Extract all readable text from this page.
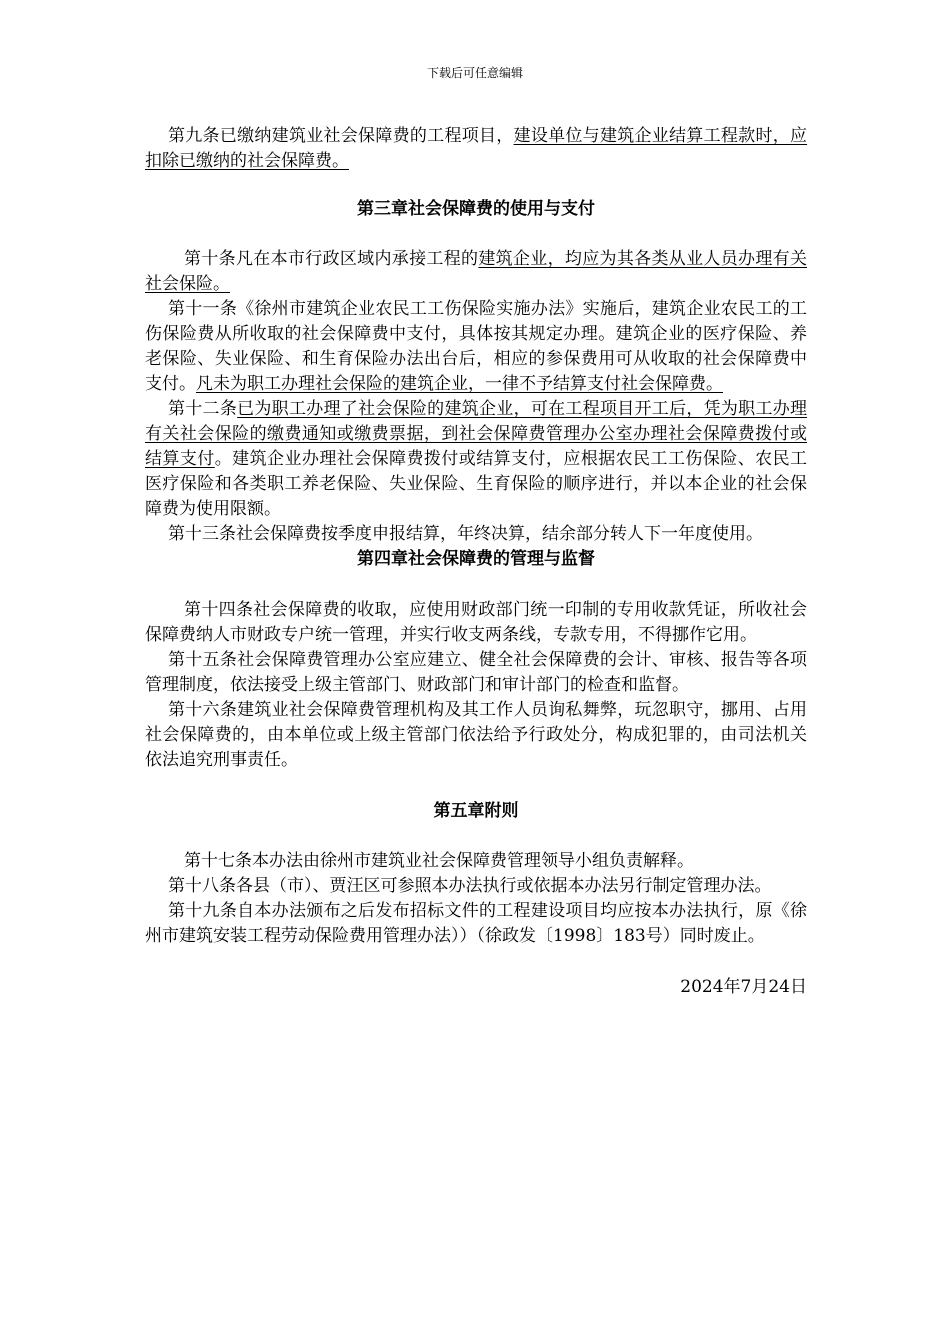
下载后可任意编辑

第九条已缴纳建筑业社会保障费的工程项目，建设单位与建筑企业结算工程款时，应扣除已缴纳的社会保障费。

第三章社会保障费的使用与支付

第十条凡在本市行政区域内承接工程的建筑企业，均应为其各类从业人员办理有关社会保险。

第十一条《徐州市建筑企业农民工工伤保险实施办法》实施后，建筑企业农民工的工伤保险费从所收取的社会保障费中支付，具体按其规定办理。建筑企业的医疗保险、养老保险、失业保险、和生育保险办法出台后，相应的参保费用可从收取的社会保障费中支付。凡未为职工办理社会保险的建筑企业，一律不予结算支付社会保障费。

第十二条已为职工办理了社会保险的建筑企业，可在工程项目开工后，凭为职工办理有关社会保险的缴费通知或缴费票据，到社会保障费管理办公室办理社会保障费拨付或结算支付。建筑企业办理社会保障费拨付或结算支付，应根据农民工工伤保险、农民工医疗保险和各类职工养老保险、失业保险、生育保险的顺序进行，并以本企业的社会保障费为使用限额。

第十三条社会保障费按季度申报结算，年终决算，结余部分转人下一年度使用。

第四章社会保障费的管理与监督

第十四条社会保障费的收取，应使用财政部门统一印制的专用收款凭证，所收社会保障费纳人市财政专户统一管理，并实行收支两条线，专款专用，不得挪作它用。

第十五条社会保障费管理办公室应建立、健全社会保障费的会计、审核、报告等各项管理制度，依法接受上级主管部门、财政部门和审计部门的检查和监督。

第十六条建筑业社会保障费管理机构及其工作人员询私舞弊，玩忽职守，挪用、占用社会保障费的，由本单位或上级主管部门依法给予行政处分，构成犯罪的，由司法机关依法追究刑事责任。

第五章附则

第十七条本办法由徐州市建筑业社会保障费管理领导小组负责解释。

第十八条各县（市）、贾汪区可参照本办法执行或依据本办法另行制定管理办法。

第十九条自本办法颁布之后发布招标文件的工程建设项目均应按本办法执行，原《徐州市建筑安装工程劳动保险费用管理办法））（徐政发〔1998〕183号）同时废止。

2024年7月24日
